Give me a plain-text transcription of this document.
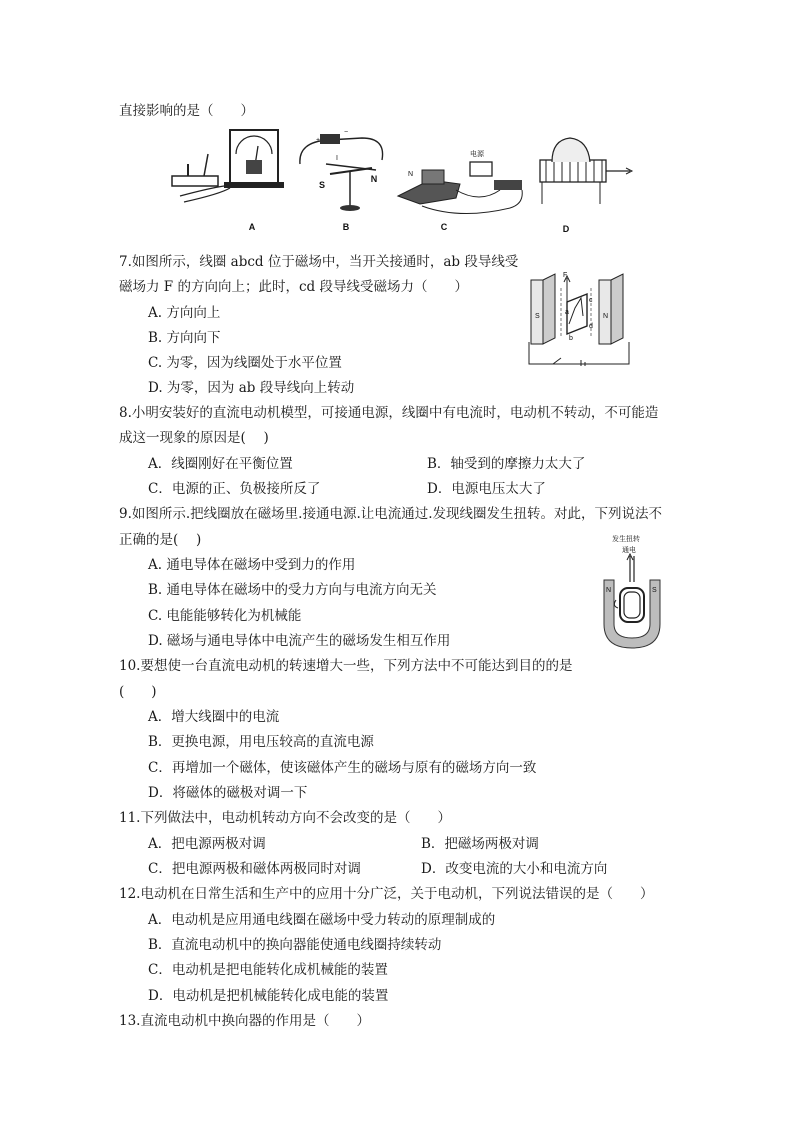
直接影响的是（　　）
A
+
−
S
N
I
B
电源
N
C	D
7.如图所示，线圈 abcd 位于磁场中，当开关接通时，ab 段导线受
磁场力 F 的方向向上；此时，cd 段导线受磁场力（　　）
A. 方向向上
B. 方向向下
C. 为零，因为线圈处于水平位置
D. 为零，因为 ab 段导线向上转动
F
S	N
a
b
c
d
8.小明安装好的直流电动机模型，可接通电源，线圈中有电流时，电动机不转动，不可能造
成这一现象的原因是(　 )
A．线圈刚好在平衡位置	B．轴受到的摩擦力太大了
C．电源的正、负极接所反了	D．电源电压太大了
9.如图所示.把线圈放在磁场里.接通电源.让电流通过.发现线圈发生扭转。对此，下列说法不
正确的是(　 )
A. 通电导体在磁场中受到力的作用
B. 通电导体在磁场中的受力方向与电流方向无关
C. 电能能够转化为机械能
D. 磁场与通电导体中电流产生的磁场发生相互作用
发生扭转
通电
N	S
10.要想使一台直流电动机的转速增大一些，下列方法中不可能达到目的的是
(　　)
A．增大线圈中的电流
B．更换电源，用电压较高的直流电源
C．再增加一个磁体，使该磁体产生的磁场与原有的磁场方向一致
D．将磁体的磁极对调一下
11.下列做法中，电动机转动方向不会改变的是（　　）
A．把电源两极对调	B．把磁场两极对调
C．把电源两极和磁体两极同时对调	D．改变电流的大小和电流方向
12.电动机在日常生活和生产中的应用十分广泛，关于电动机，下列说法错误的是（　　）
A．电动机是应用通电线圈在磁场中受力转动的原理制成的
B．直流电动机中的换向器能使通电线圈持续转动
C．电动机是把电能转化成机械能的装置
D．电动机是把机械能转化成电能的装置
13.直流电动机中换向器的作用是（　　）
